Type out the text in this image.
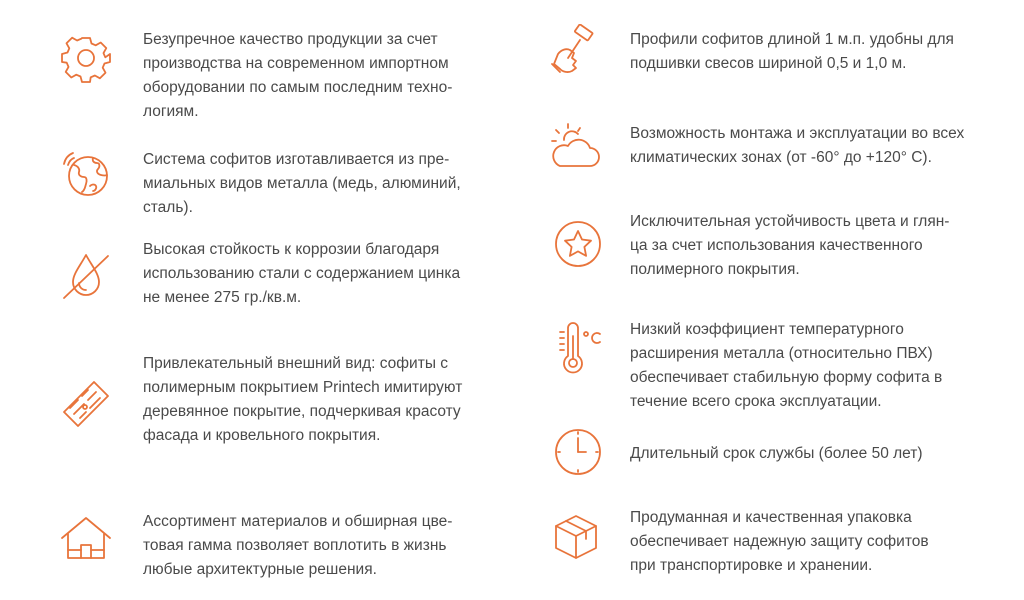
Безупречное качество продукции за счет
производства на современном импортном
оборудовании по самым последним техно-
логиям.
Система софитов изготавливается из пре-
миальных видов металла (медь, алюминий,
сталь).
Высокая стойкость к коррозии благодаря
использованию стали с содержанием цинка
не менее 275 гр./кв.м.
Привлекательный внешний вид: софиты с
полимерным покрытием Printech имитируют
деревянное покрытие, подчеркивая красоту
фасада и кровельного покрытия.
Ассортимент материалов и обширная цве-
товая гамма позволяет воплотить в жизнь
любые архитектурные решения.
Профили софитов длиной 1 м.п. удобны для
подшивки свесов шириной 0,5 и 1,0 м.
Возможность монтажа и эксплуатации во всех
климатических зонах (от -60° до +120° С).
Исключительная устойчивость цвета и глян-
ца за счет использования качественного
полимерного покрытия.
Низкий коэффициент температурного
расширения металла (относительно ПВХ)
обеспечивает стабильную форму софита в
течение всего срока эксплуатации.
Длительный срок службы (более 50 лет)
Продуманная и качественная упаковка
обеспечивает надежную защиту софитов
при транспортировке и хранении.
